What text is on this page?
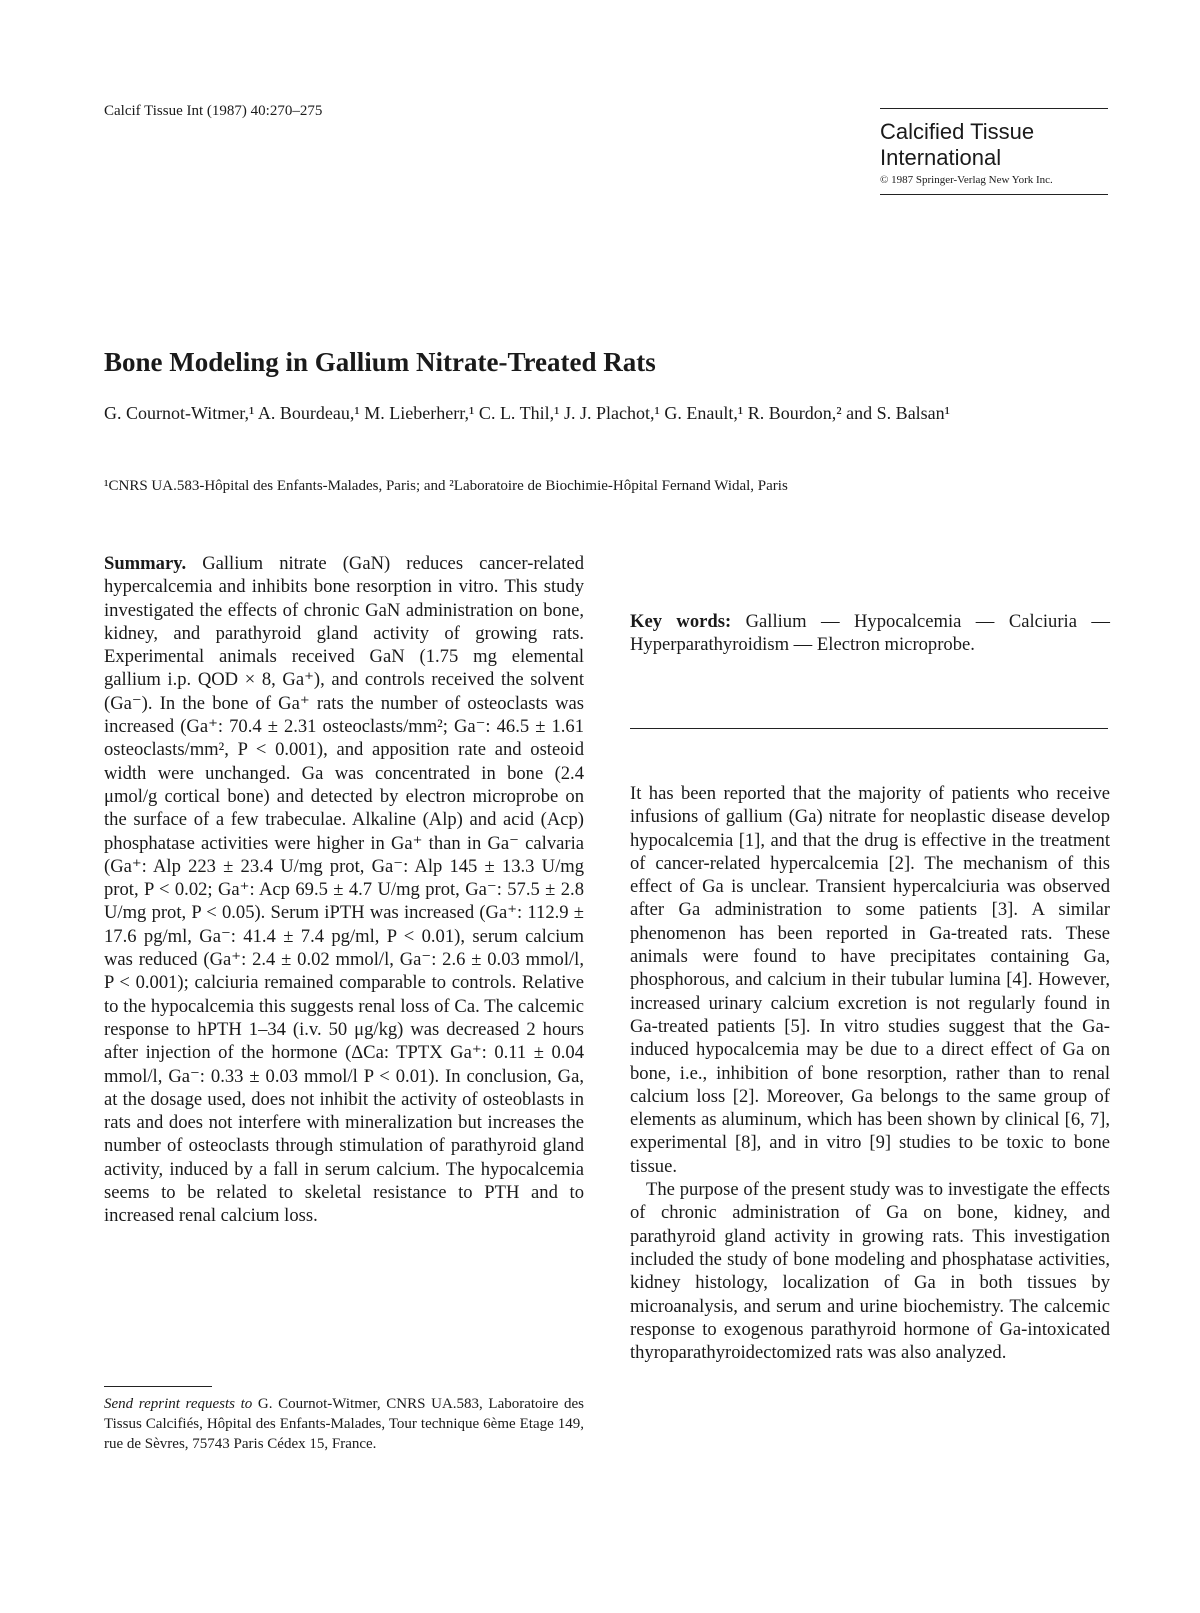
Calcif Tissue Int (1987) 40:270–275

Calcified Tissue International

© 1987 Springer-Verlag New York Inc.

Bone Modeling in Gallium Nitrate-Treated Rats

G. Cournot-Witmer,¹ A. Bourdeau,¹ M. Lieberherr,¹ C. L. Thil,¹ J. J. Plachot,¹ G. Enault,¹ R. Bourdon,² and S. Balsan¹

¹CNRS UA.583-Hôpital des Enfants-Malades, Paris; and ²Laboratoire de Biochimie-Hôpital Fernand Widal, Paris

Summary. Gallium nitrate (GaN) reduces cancer-related hypercalcemia and inhibits bone resorption in vitro. This study investigated the effects of chronic GaN administration on bone, kidney, and parathyroid gland activity of growing rats. Experimental animals received GaN (1.75 mg elemental gallium i.p. QOD × 8, Ga⁺), and controls received the solvent (Ga⁻). In the bone of Ga⁺ rats the number of osteoclasts was increased (Ga⁺: 70.4 ± 2.31 osteoclasts/mm²; Ga⁻: 46.5 ± 1.61 osteoclasts/mm², P < 0.001), and apposition rate and osteoid width were unchanged. Ga was concentrated in bone (2.4 μmol/g cortical bone) and detected by electron microprobe on the surface of a few trabeculae. Alkaline (Alp) and acid (Acp) phosphatase activities were higher in Ga⁺ than in Ga⁻ calvaria (Ga⁺: Alp 223 ± 23.4 U/mg prot, Ga⁻: Alp 145 ± 13.3 U/mg prot, P < 0.02; Ga⁺: Acp 69.5 ± 4.7 U/mg prot, Ga⁻: 57.5 ± 2.8 U/mg prot, P < 0.05). Serum iPTH was increased (Ga⁺: 112.9 ± 17.6 pg/ml, Ga⁻: 41.4 ± 7.4 pg/ml, P < 0.01), serum calcium was reduced (Ga⁺: 2.4 ± 0.02 mmol/l, Ga⁻: 2.6 ± 0.03 mmol/l, P < 0.001); calciuria remained comparable to controls. Relative to the hypocalcemia this suggests renal loss of Ca. The calcemic response to hPTH 1–34 (i.v. 50 μg/kg) was decreased 2 hours after injection of the hormone (ΔCa: TPTX Ga⁺: 0.11 ± 0.04 mmol/l, Ga⁻: 0.33 ± 0.03 mmol/l P < 0.01). In conclusion, Ga, at the dosage used, does not inhibit the activity of osteoblasts in rats and does not interfere with mineralization but increases the number of osteoclasts through stimulation of parathyroid gland activity, induced by a fall in serum calcium. The hypocalcemia seems to be related to skeletal resistance to PTH and to increased renal calcium loss.

Key words: Gallium — Hypocalcemia — Calciuria — Hyperparathyroidism — Electron microprobe.

It has been reported that the majority of patients who receive infusions of gallium (Ga) nitrate for neoplastic disease develop hypocalcemia [1], and that the drug is effective in the treatment of cancer-related hypercalcemia [2]. The mechanism of this effect of Ga is unclear. Transient hypercalciuria was observed after Ga administration to some patients [3]. A similar phenomenon has been reported in Ga-treated rats. These animals were found to have precipitates containing Ga, phosphorous, and calcium in their tubular lumina [4]. However, increased urinary calcium excretion is not regularly found in Ga-treated patients [5]. In vitro studies suggest that the Ga-induced hypocalcemia may be due to a direct effect of Ga on bone, i.e., inhibition of bone resorption, rather than to renal calcium loss [2]. Moreover, Ga belongs to the same group of elements as aluminum, which has been shown by clinical [6, 7], experimental [8], and in vitro [9] studies to be toxic to bone tissue.

The purpose of the present study was to investigate the effects of chronic administration of Ga on bone, kidney, and parathyroid gland activity in growing rats. This investigation included the study of bone modeling and phosphatase activities, kidney histology, localization of Ga in both tissues by microanalysis, and serum and urine biochemistry. The calcemic response to exogenous parathyroid hormone of Ga-intoxicated thyroparathyroidectomized rats was also analyzed.

Send reprint requests to G. Cournot-Witmer, CNRS UA.583, Laboratoire des Tissus Calcifiés, Hôpital des Enfants-Malades, Tour technique 6ème Etage 149, rue de Sèvres, 75743 Paris Cédex 15, France.
